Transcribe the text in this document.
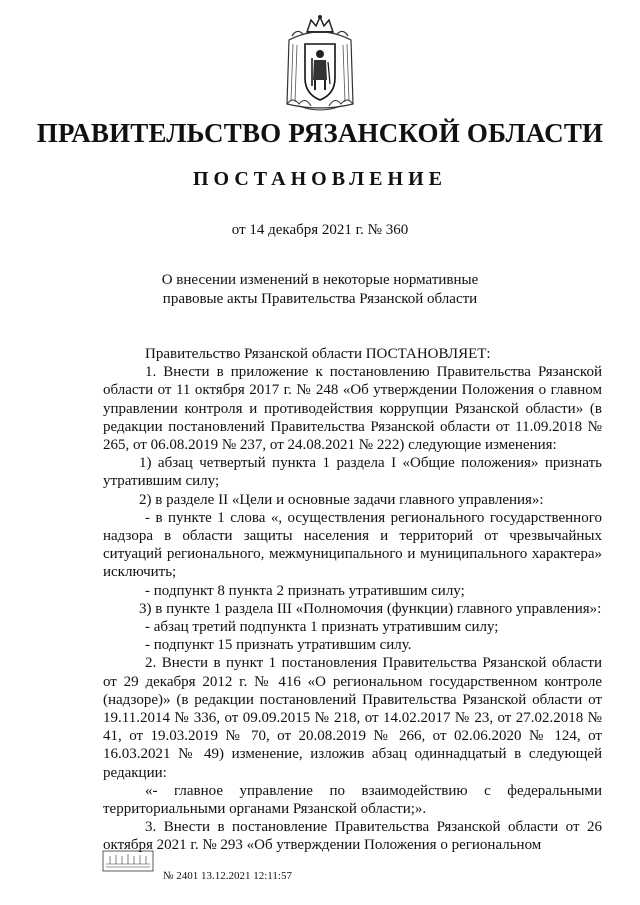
ПРАВИТЕЛЬСТВО РЯЗАНСКОЙ ОБЛАСТИ
ПОСТАНОВЛЕНИЕ
от 14 декабря 2021 г. № 360
О внесении изменений в некоторые нормативные
правовые акты Правительства Рязанской области

Правительство Рязанской области ПОСТАНОВЛЯЕТ:

1. Внести в приложение к постановлению Правительства Рязанской области от 11 октября 2017 г. № 248 «Об утверждении Положения о главном управлении контроля и противодействия коррупции Рязанской области» (в редакции постановлений Правительства Рязанской области от 11.09.2018 № 265, от 06.08.2019 № 237, от 24.08.2021 № 222) следующие изменения:

1) абзац четвертый пункта 1 раздела I «Общие положения» признать утратившим силу;

2) в разделе II «Цели и основные задачи главного управления»:

- в пункте 1 слова «, осуществления регионального государственного надзора в области защиты населения и территорий от чрезвычайных ситуаций регионального, межмуниципального и муниципального характера» исключить;

- подпункт 8 пункта 2 признать утратившим силу;

3) в пункте 1 раздела III «Полномочия (функции) главного управления»:

- абзац третий подпункта 1 признать утратившим силу;

- подпункт 15 признать утратившим силу.

2. Внести в пункт 1 постановления Правительства Рязанской области от 29 декабря 2012 г. № 416 «О региональном государственном контроле (надзоре)» (в редакции постановлений Правительства Рязанской области от 19.11.2014 № 336, от 09.09.2015 № 218, от 14.02.2017 № 23, от 27.02.2018 № 41, от 19.03.2019 № 70, от 20.08.2019 № 266, от 02.06.2020 № 124, от 16.03.2021 № 49) изменение, изложив абзац одиннадцатый в следующей редакции:

«- главное управление по взаимодействию с федеральными территориальными органами Рязанской области;».

3. Внести в постановление Правительства Рязанской области от 26 октября 2021 г. № 293 «Об утверждении Положения о региональном

№ 2401 13.12.2021 12:11:57
